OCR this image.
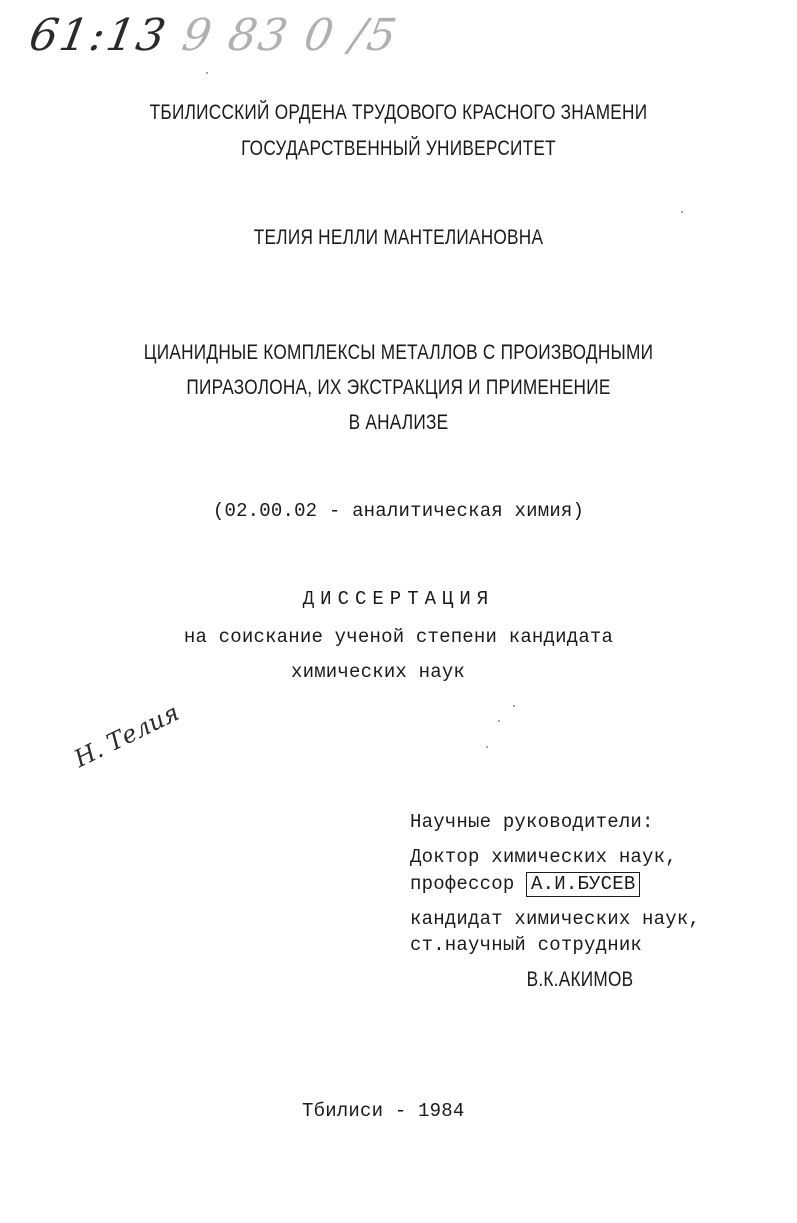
61:13 9 83 0 /5
ТБИЛИССКИЙ ОРДЕНА ТРУДОВОГО КРАСНОГО ЗНАМЕНИ
ГОСУДАРСТВЕННЫЙ УНИВЕРСИТЕТ
ТЕЛИЯ НЕЛЛИ МАНТЕЛИАНОВНА
ЦИАНИДНЫЕ КОМПЛЕКСЫ МЕТАЛЛОВ С ПРОИЗВОДНЫМИ
ПИРАЗОЛОНА, ИХ ЭКСТРАКЦИЯ И ПРИМЕНЕНИЕ
В АНАЛИЗЕ
(02.00.02 - аналитическая химия)
ДИССЕРТАЦИЯ
на соискание ученой степени кандидата
химических наук
Н. Телия
Научные руководители:
Доктор химических наук,
профессор А.И.БУСЕВ
кандидат химических наук,
ст.научный сотрудник
В.К.АКИМОВ
Тбилиси - 1984
